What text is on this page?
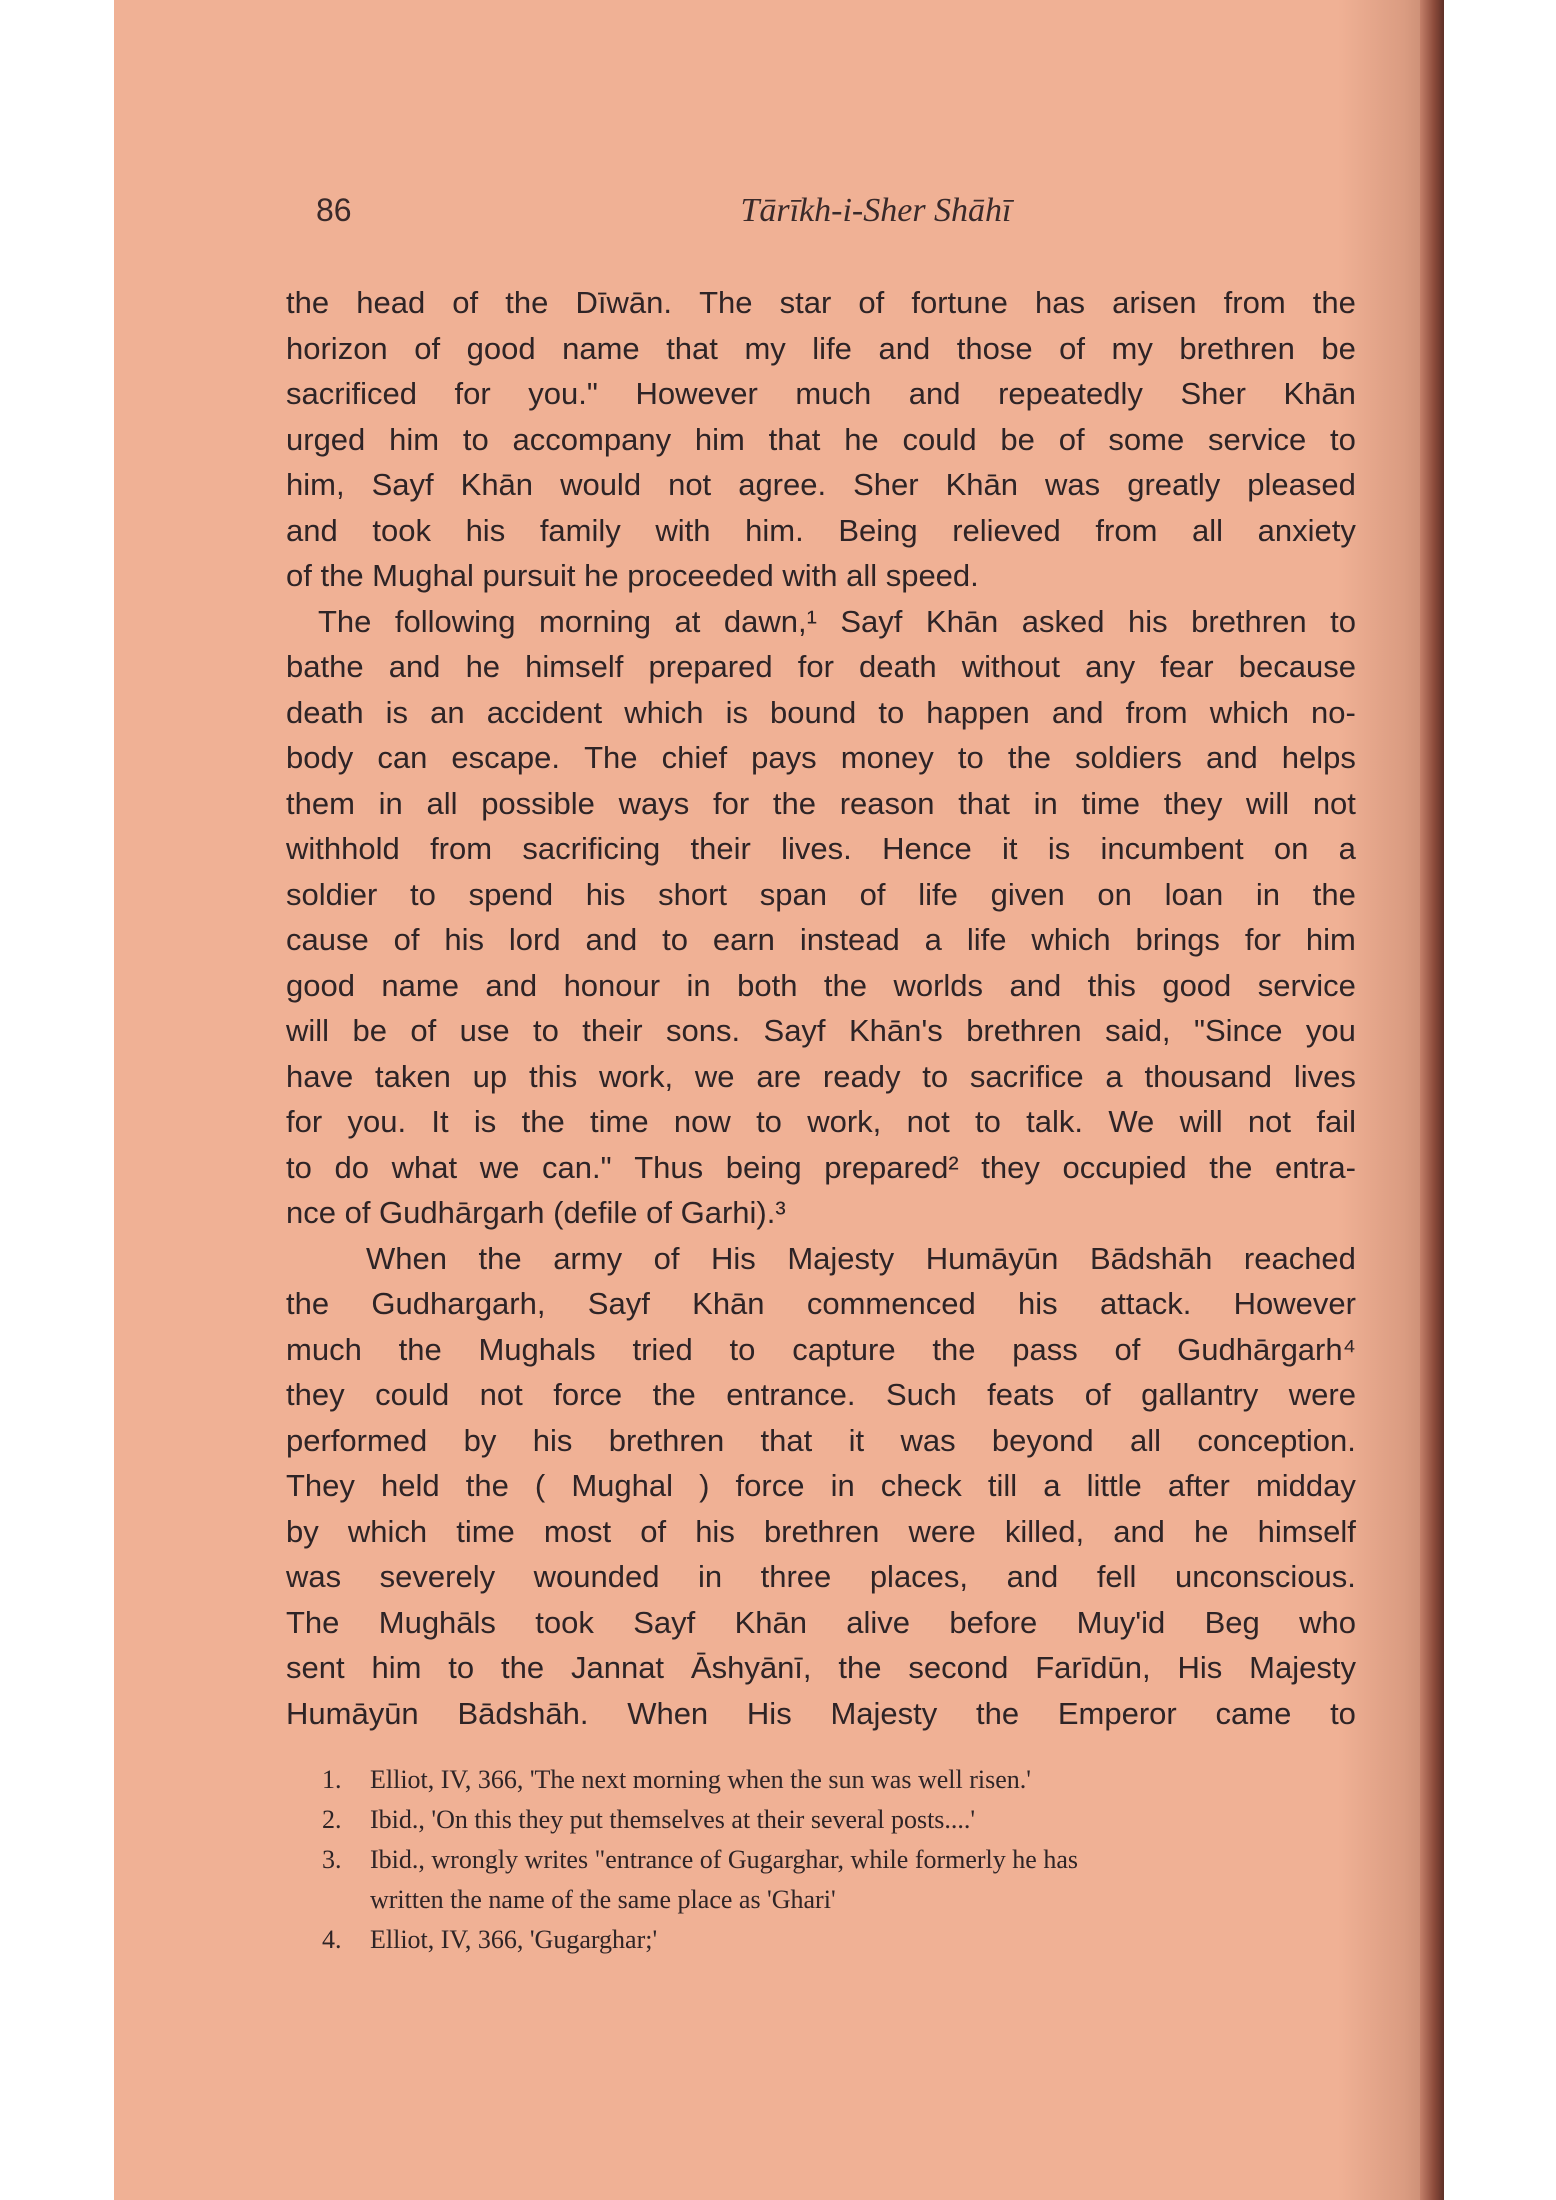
86	Tārīkh-i-Sher Shāhī
the head of the Dīwān. The star of fortune has arisen from the
horizon of good name that my life and those of my brethren be
sacrificed for you." However much and repeatedly Sher Khān
urged him to accompany him that he could be of some service to
him, Sayf Khān would not agree. Sher Khān was greatly pleased
and took his family with him. Being relieved from all anxiety
of the Mughal pursuit he proceeded with all speed.
The following morning at dawn,¹ Sayf Khān asked his brethren to
bathe and he himself prepared for death without any fear because
death is an accident which is bound to happen and from which no-
body can escape. The chief pays money to the soldiers and helps
them in all possible ways for the reason that in time they will not
withhold from sacrificing their lives. Hence it is incumbent on a
soldier to spend his short span of life given on loan in the
cause of his lord and to earn instead a life which brings for him
good name and honour in both the worlds and this good service
will be of use to their sons. Sayf Khān's brethren said, "Since you
have taken up this work, we are ready to sacrifice a thousand lives
for you. It is the time now to work, not to talk. We will not fail
to do what we can." Thus being prepared² they occupied the entra-
nce of Gudhārgarh (defile of Garhi).³
When the army of His Majesty Humāyūn Bādshāh reached
the Gudhargarh, Sayf Khān commenced his attack. However
much the Mughals tried to capture the pass of Gudhārgarh⁴
they could not force the entrance. Such feats of gallantry were
performed by his brethren that it was beyond all conception.
They held the ( Mughal ) force in check till a little after midday
by which time most of his brethren were killed, and he himself
was severely wounded in three places, and fell unconscious.
The Mughāls took Sayf Khān alive before Muy'id Beg who
sent him to the Jannat Āshyānī, the second Farīdūn, His Majesty
Humāyūn Bādshāh. When His Majesty the Emperor came to
1.	Elliot, IV, 366, 'The next morning when the sun was well risen.'
2.	Ibid., 'On this they put themselves at their several posts....'
3.	Ibid., wrongly writes "entrance of Gugarghar, while formerly he has
written the name of the same place as 'Ghari'
4.	Elliot, IV, 366, 'Gugarghar;'
